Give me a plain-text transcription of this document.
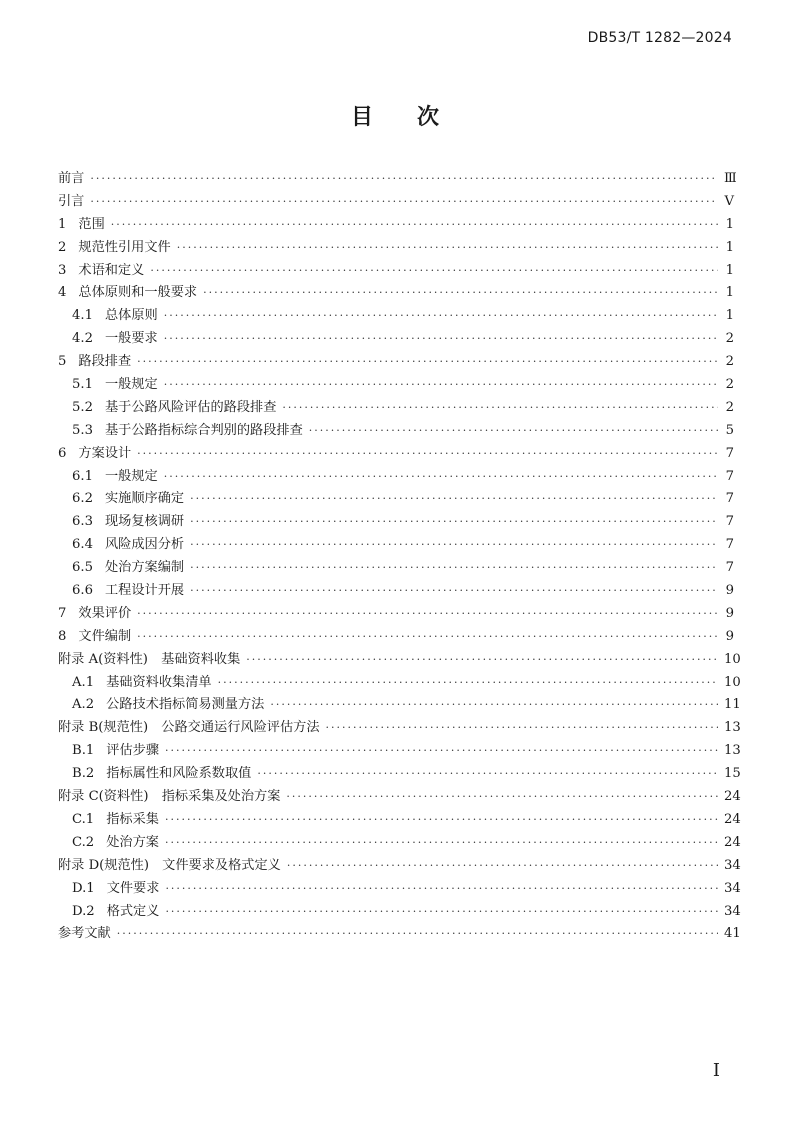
DB53/T 1282—2024
目　　次
前言 ·····	Ⅲ
引言 ·····	Ⅴ
1 范围 ·····	1
2 规范性引用文件 ·····	1
3 术语和定义 ·····	1
4 总体原则和一般要求 ·····	1
4.1 总体原则 ·····	1
4.2 一般要求 ·····	2
5 路段排查 ·····	2
5.1 一般规定 ·····	2
5.2 基于公路风险评估的路段排查 ·····	2
5.3 基于公路指标综合判别的路段排查 ·····	5
6 方案设计 ·····	7
6.1 一般规定 ·····	7
6.2 实施顺序确定 ·····	7
6.3 现场复核调研 ·····	7
6.4 风险成因分析 ·····	7
6.5 处治方案编制 ·····	7
6.6 工程设计开展 ·····	9
7 效果评价 ·····	9
8 文件编制 ·····	9
附录 A(资料性)　基础资料收集 ·····	10
A.1 基础资料收集清单 ·····	10
A.2 公路技术指标简易测量方法 ·····	11
附录 B(规范性)　公路交通运行风险评估方法 ·····	13
B.1 评估步骤 ·····	13
B.2 指标属性和风险系数取值 ·····	15
附录 C(资料性)　指标采集及处治方案 ·····	24
C.1 指标采集 ·····	24
C.2 处治方案 ·····	24
附录 D(规范性)　文件要求及格式定义 ·····	34
D.1 文件要求 ·····	34
D.2 格式定义 ·····	34
参考文献 ·····	41
I
